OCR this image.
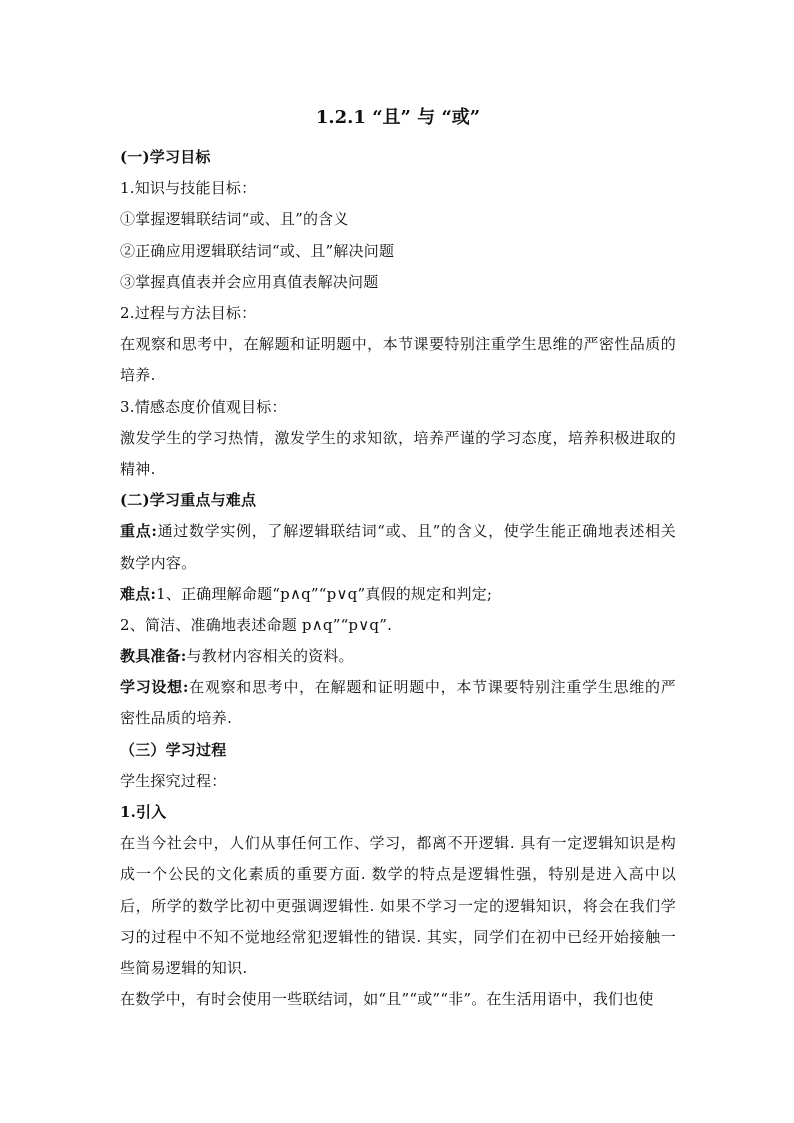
1.2.1 “且” 与 “或”
(一)学习目标
1.知识与技能目标：
①掌握逻辑联结词“或、且”的含义
②正确应用逻辑联结词“或、且”解决问题
③掌握真值表并会应用真值表解决问题
2.过程与方法目标：
在观察和思考中，在解题和证明题中，本节课要特别注重学生思维的严密性品质的培养.
3.情感态度价值观目标：
激发学生的学习热情，激发学生的求知欲，培养严谨的学习态度，培养积极进取的精神.
(二)学习重点与难点
重点:通过数学实例，了解逻辑联结词“或、且”的含义，使学生能正确地表述相关数学内容。
难点:1、正确理解命题“p∧q”“p∨q”真假的规定和判定;
2、简洁、准确地表述命题 p∧q”“p∨q”.
教具准备:与教材内容相关的资料。
学习设想:在观察和思考中，在解题和证明题中，本节课要特别注重学生思维的严密性品质的培养.
（三）学习过程
学生探究过程：
1.引入
在当今社会中，人们从事任何工作、学习，都离不开逻辑. 具有一定逻辑知识是构成一个公民的文化素质的重要方面. 数学的特点是逻辑性强，特别是进入高中以后，所学的数学比初中更强调逻辑性. 如果不学习一定的逻辑知识，将会在我们学习的过程中不知不觉地经常犯逻辑性的错误. 其实，同学们在初中已经开始接触一些简易逻辑的知识.
在数学中，有时会使用一些联结词，如“且”“或”“非”。在生活用语中，我们也使
